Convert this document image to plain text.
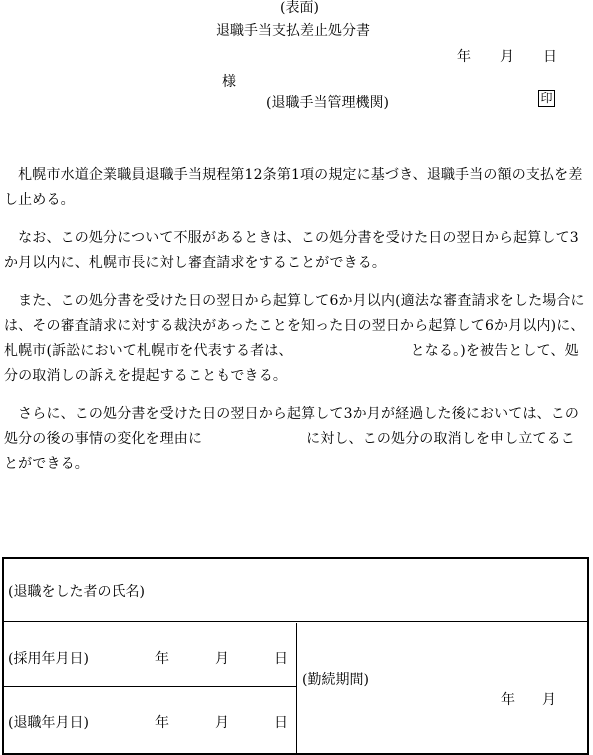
(表面)
退職手当支払差止処分書
年 月 日
様
(退職手当管理機関)	印

　札幌市水道企業職員退職手当規程第12条第1項の規定に基づき、退職手当の額の支払を差し止める。

　なお、この処分について不服があるときは、この処分書を受けた日の翌日から起算して3か月以内に、札幌市長に対し審査請求をすることができる。

　また、この処分書を受けた日の翌日から起算して6か月以内(適法な審査請求をした場合には、その審査請求に対する裁決があったことを知った日の翌日から起算して6か月以内)に、札幌市(訴訟において札幌市を代表する者は、	となる。)を被告として、処分の取消しの訴えを提起することもできる。

　さらに、この処分書を受けた日の翌日から起算して3か月が経過した後においては、この処分の後の事情の変化を理由に	に対し、この処分の取消しを申し立てることができる。

(退職をした者の氏名)
(採用年月日)	年	月	日
(退職年月日)	年	月	日
(勤続期間)
年 月
